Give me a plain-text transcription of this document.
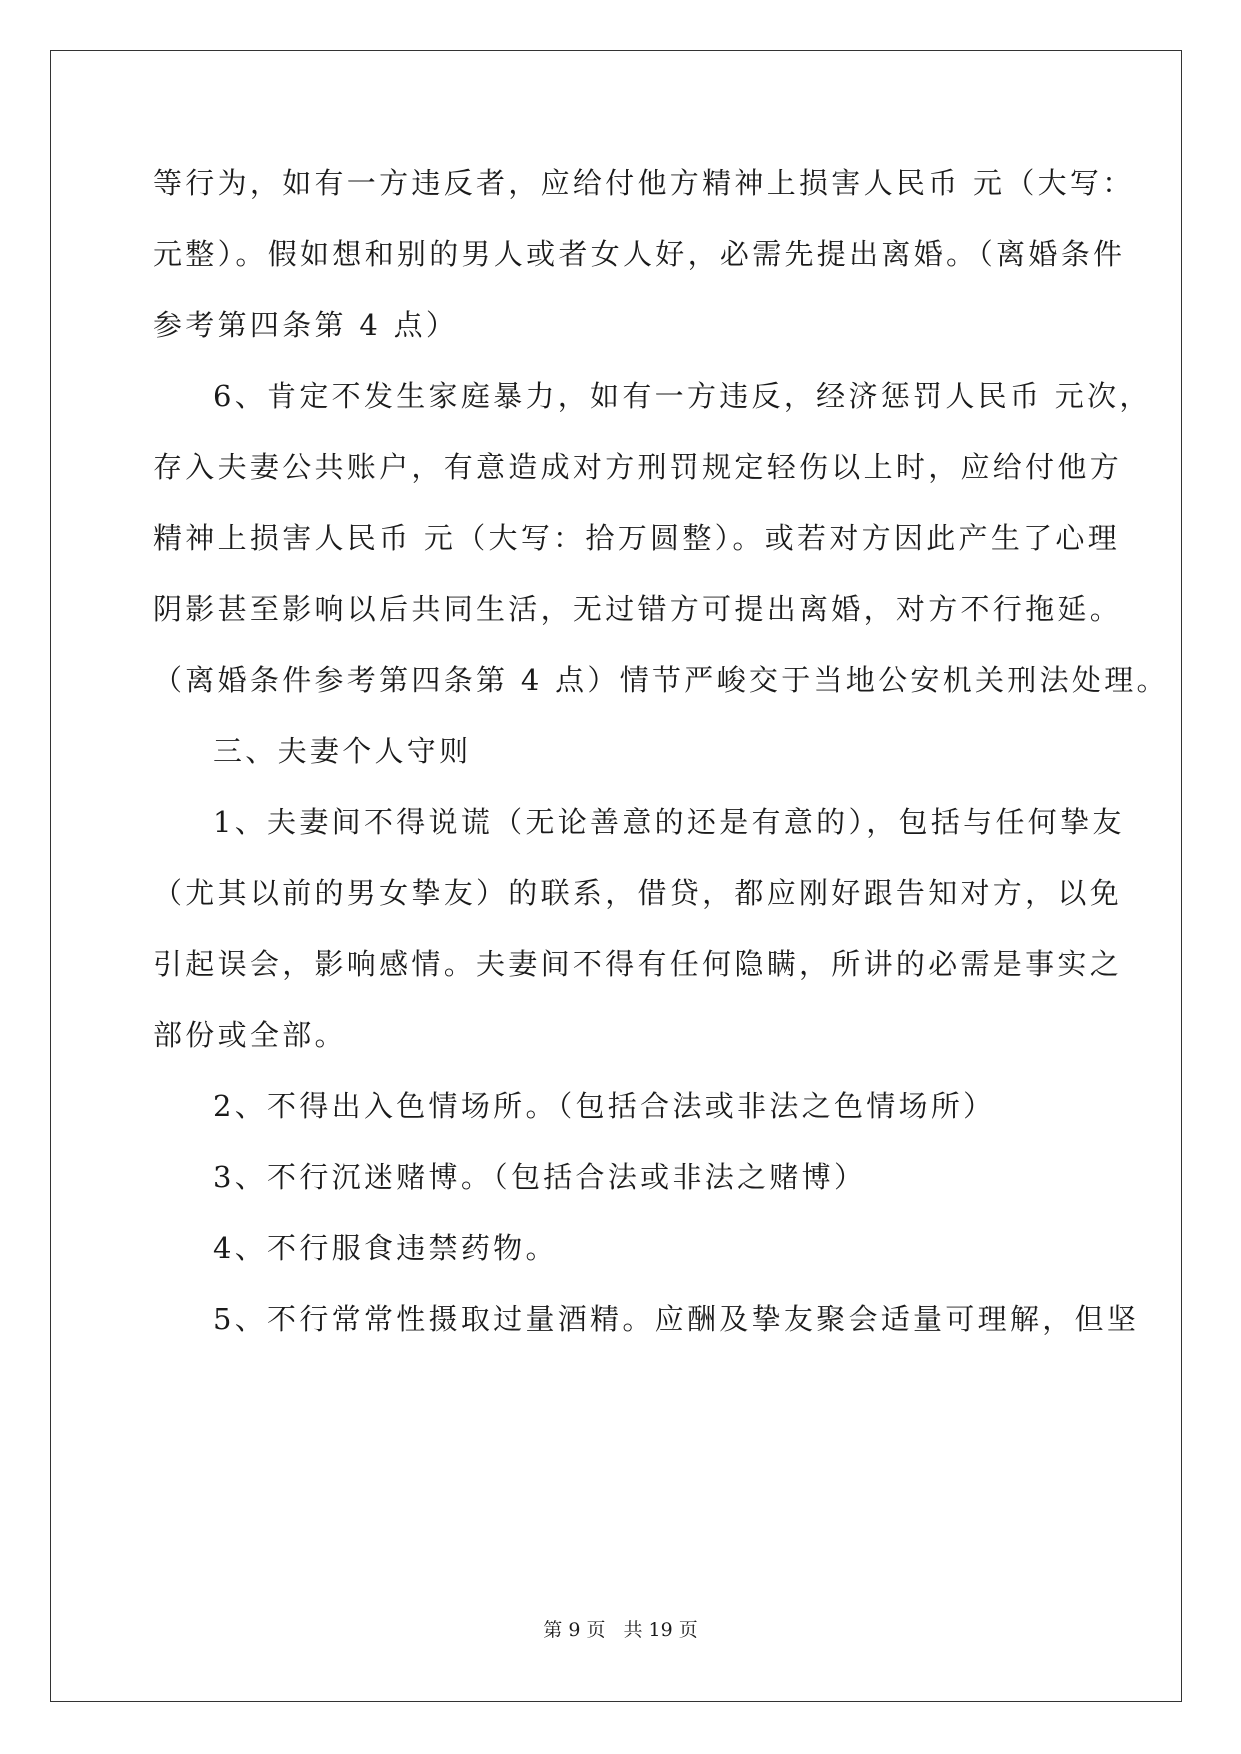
等行为，如有一方违反者，应给付他方精神上损害人民币 元（大写：
元整）。假如想和别的男人或者女人好，必需先提出离婚。（离婚条件
参考第四条第 4 点）
6、肯定不发生家庭暴力，如有一方违反，经济惩罚人民币 元次，
存入夫妻公共账户，有意造成对方刑罚规定轻伤以上时，应给付他方
精神上损害人民币 元（大写：拾万圆整）。或若对方因此产生了心理
阴影甚至影响以后共同生活，无过错方可提出离婚，对方不行拖延。
（离婚条件参考第四条第 4 点）情节严峻交于当地公安机关刑法处理。
三、夫妻个人守则
1、夫妻间不得说谎（无论善意的还是有意的），包括与任何挚友
（尤其以前的男女挚友）的联系，借贷，都应刚好跟告知对方，以免
引起误会，影响感情。夫妻间不得有任何隐瞒，所讲的必需是事实之
部份或全部。
2、不得出入色情场所。（包括合法或非法之色情场所）
3、不行沉迷赌博。（包括合法或非法之赌博）
4、不行服食违禁药物。
5、不行常常性摄取过量酒精。应酬及挚友聚会适量可理解，但坚
第 9 页 共 19 页
